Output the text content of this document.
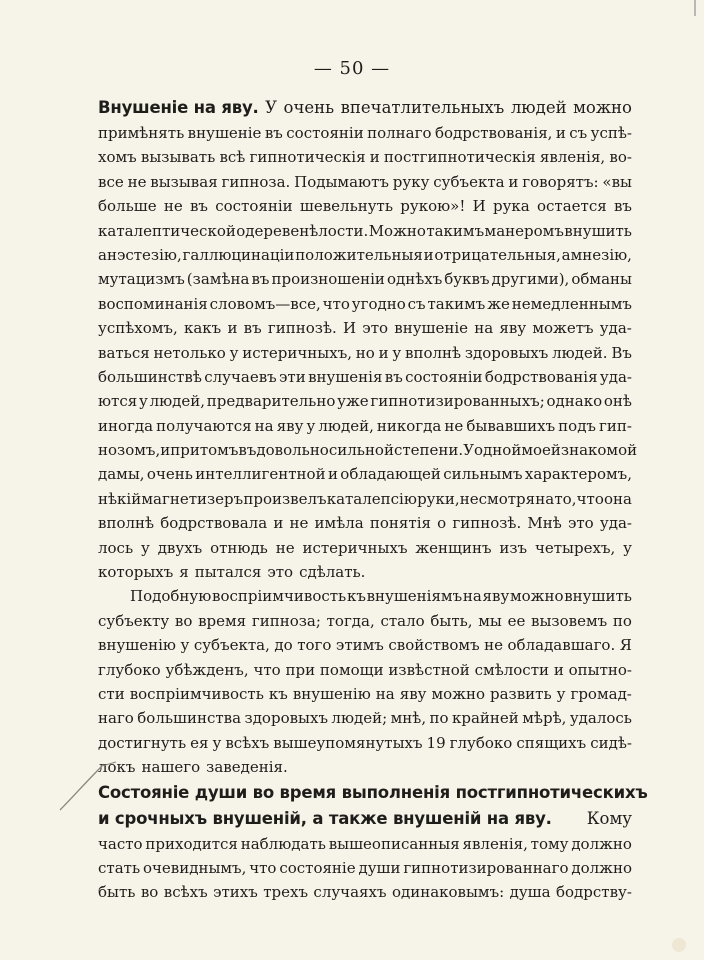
— 50 —
Внушеніе на яву. У очень впечатлительныхъ людей можно
примѣнять внушеніе въ состояніи полнаго бодрствованія, и съ успѣ-
хомъ вызывать всѣ гипнотическія и постгипнотическія явленія, во-
все не вызывая гипноза. Подымаютъ руку субъекта и говорятъ: «вы
больше не въ состояніи шевельнуть рукою»! И рука остается въ
каталептической одеревенѣлости. Можно такимъ манеромъ внушить
анэстезію, галлюцинаціи положительныя и отрицательныя, амнезію,
мутацизмъ (замѣна въ произношеніи однѣхъ буквъ другими), обманы
воспоминанія словомъ—все, что угодно съ такимъ же немедленнымъ
успѣхомъ, какъ и въ гипнозѣ. И это внушеніе на яву можетъ уда-
ваться нетолько у истеричныхъ, но и у вполнѣ здоровыхъ людей. Въ
большинствѣ случаевъ эти внушенія въ состояніи бодрствованія уда-
ются у людей, предварительно уже гипнотизированныхъ; однако онѣ
иногда получаются на яву у людей, никогда не бывавшихъ подъ гип-
нозомъ, и притомъ въ довольно сильной степени. У одной моейзнакомой
дамы, очень интеллигентной и обладающей сильнымъ характеромъ,
нѣкій магнетизеръ произвелъ каталепсію руки, несмотря на то, что она
вполнѣ бодрствовала и не имѣла понятія о гипнозѣ. Мнѣ это уда-
лось у двухъ отнюдь не истеричныхъ женщинъ изъ четырехъ, у
которыхъ я пытался это сдѣлать.
Подобную воспріимчивость къ внушеніямъ на яву можно внушить
субъекту во время гипноза; тогда, стало быть, мы ее вызовемъ по
внушенію у субъекта, до того этимъ свойствомъ не обладавшаго. Я
глубоко убѣжденъ, что при помощи извѣстной смѣлости и опытно-
сти воспріимчивость къ внушенію на яву можно развить у громад-
наго большинства здоровыхъ людей; мнѣ, по крайней мѣрѣ, удалось
достигнуть ея у всѣхъ вышеупомянутыхъ 19 глубоко спящихъ сидѣ-
локъ нашего заведенія.
Состояніе души во время выполненія постгипнотическихъ
и срочныхъ внушеній, а также внушеній на яву. Кому
часто приходится наблюдать вышеописанныя явленія, тому должно
стать очевиднымъ, что состояніе души гипнотизированнаго должно
быть во всѣхъ этихъ трехъ случаяхъ одинаковымъ: душа бодрству-
